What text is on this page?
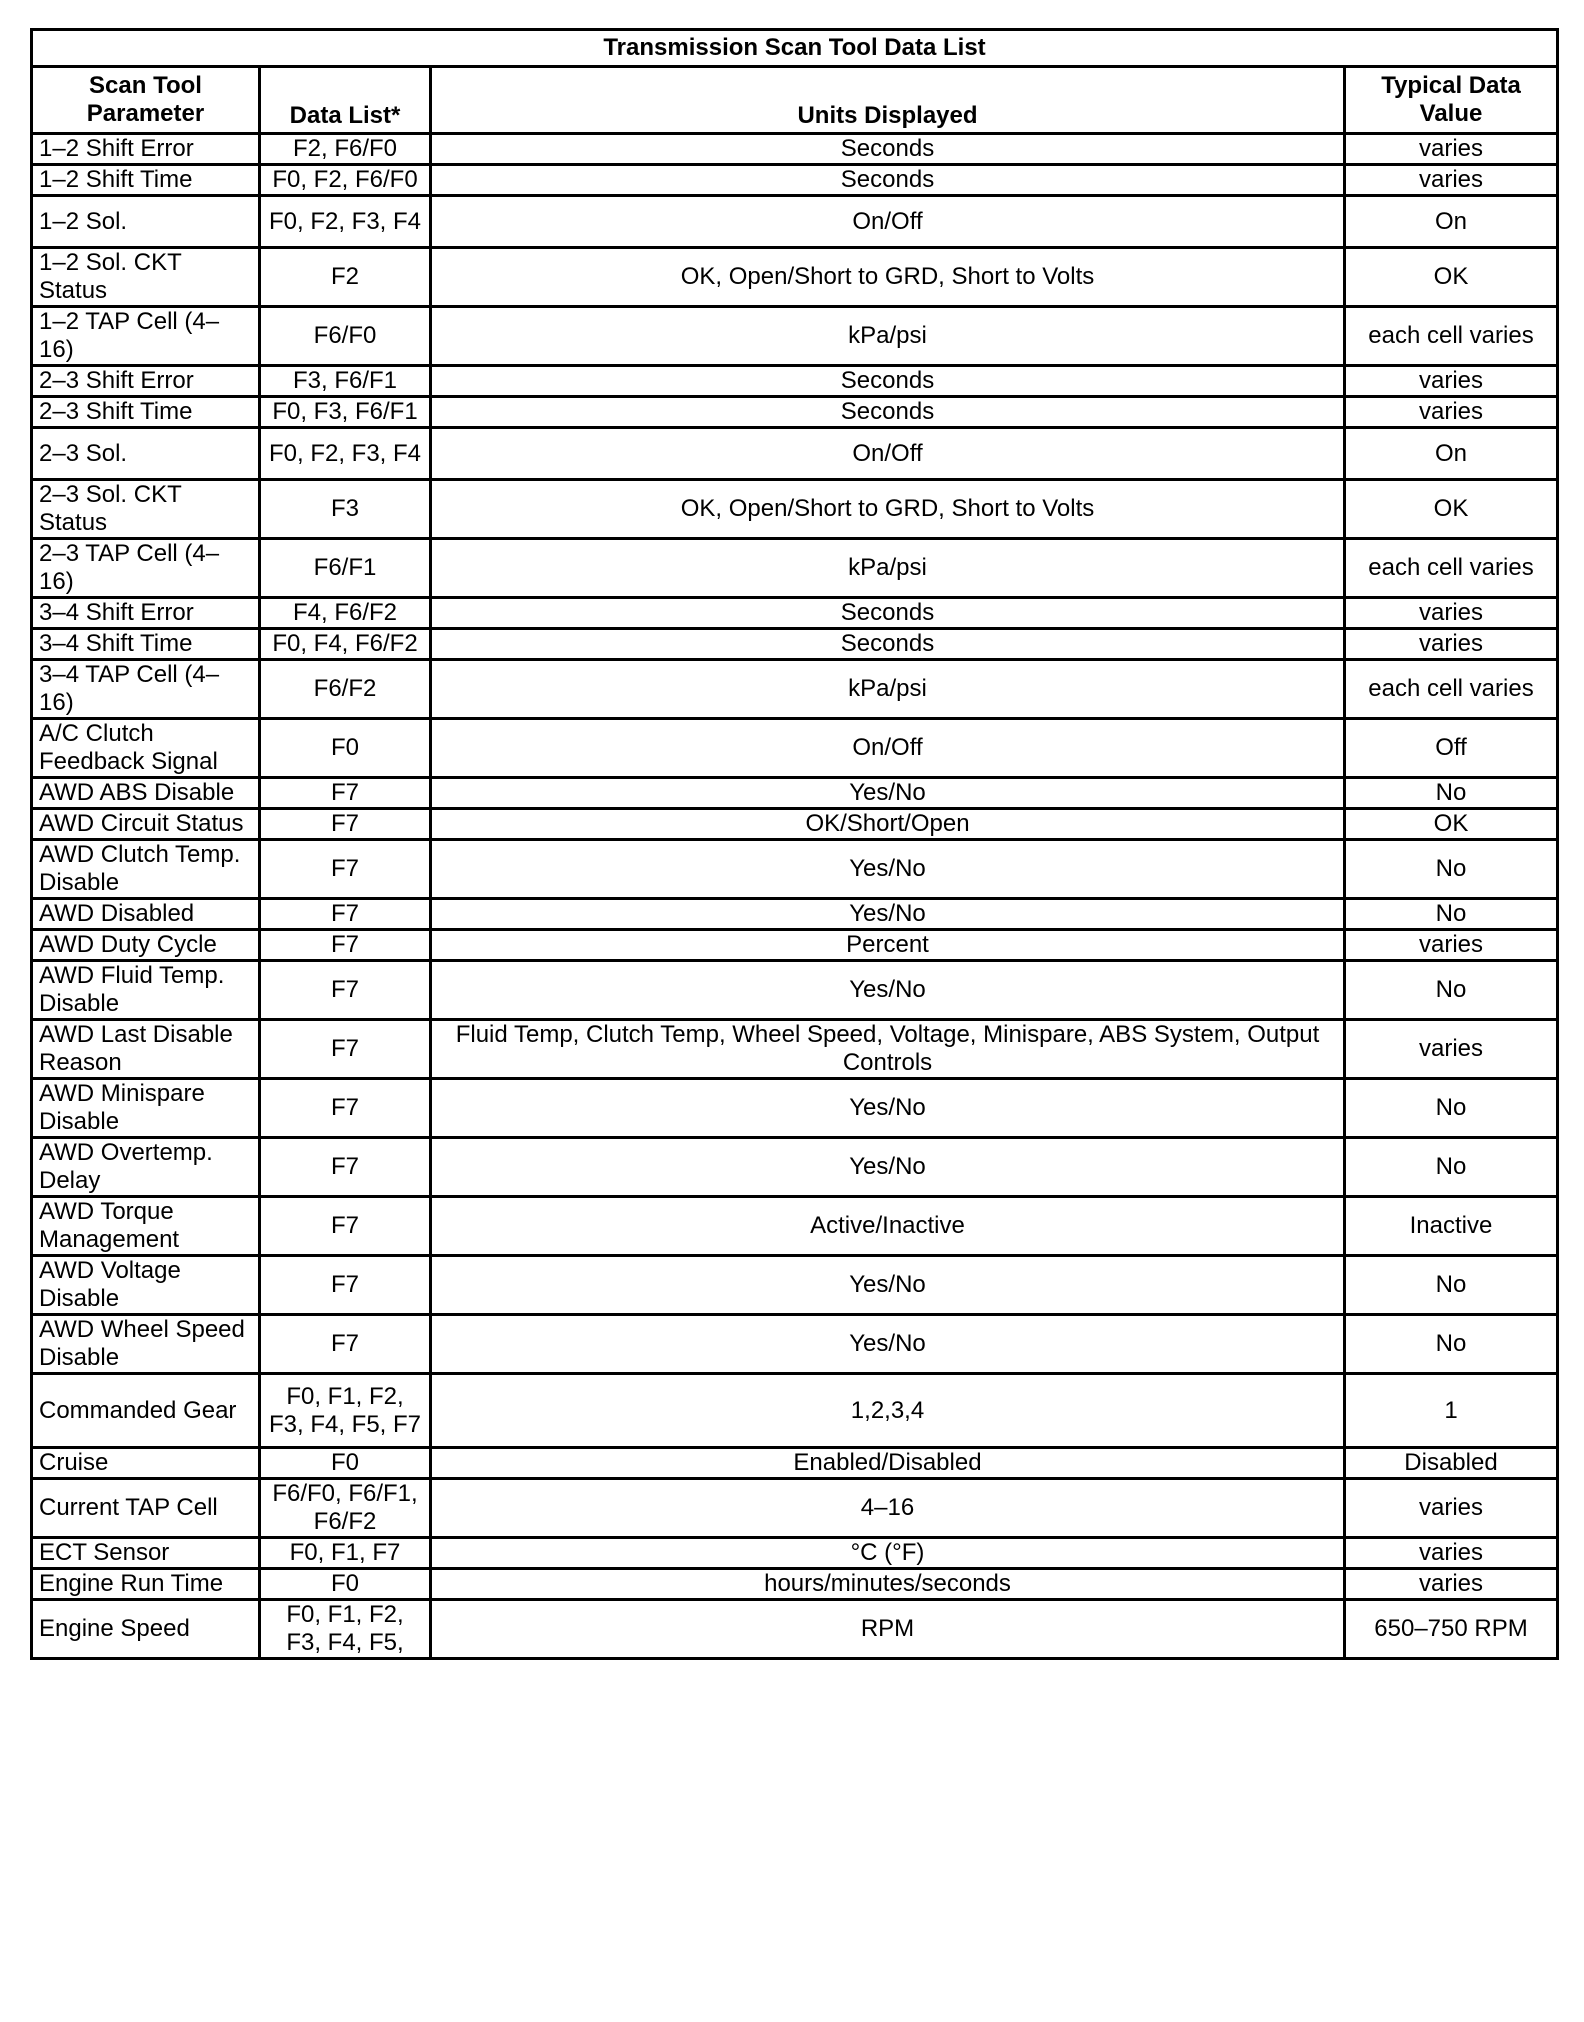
Transmission Scan Tool Data List			
Scan Tool Parameter	Data List*	Units Displayed	Typical Data Value
1–2 Shift Error	F2, F6/F0	Seconds	varies
1–2 Shift Time	F0, F2, F6/F0	Seconds	varies
1–2 Sol.	F0, F2, F3, F4	On/Off	On
1–2 Sol. CKT Status	F2	OK, Open/Short to GRD, Short to Volts	OK
1–2 TAP Cell (4–16)	F6/F0	kPa/psi	each cell varies
2–3 Shift Error	F3, F6/F1	Seconds	varies
2–3 Shift Time	F0, F3, F6/F1	Seconds	varies
2–3 Sol.	F0, F2, F3, F4	On/Off	On
2–3 Sol. CKT Status	F3	OK, Open/Short to GRD, Short to Volts	OK
2–3 TAP Cell (4–16)	F6/F1	kPa/psi	each cell varies
3–4 Shift Error	F4, F6/F2	Seconds	varies
3–4 Shift Time	F0, F4, F6/F2	Seconds	varies
3–4 TAP Cell (4–16)	F6/F2	kPa/psi	each cell varies
A/C Clutch Feedback Signal	F0	On/Off	Off
AWD ABS Disable	F7	Yes/No	No
AWD Circuit Status	F7	OK/Short/Open	OK
AWD Clutch Temp. Disable	F7	Yes/No	No
AWD Disabled	F7	Yes/No	No
AWD Duty Cycle	F7	Percent	varies
AWD Fluid Temp. Disable	F7	Yes/No	No
AWD Last Disable Reason	F7	Fluid Temp, Clutch Temp, Wheel Speed, Voltage, Minispare, ABS System, Output Controls	varies
AWD Minispare Disable	F7	Yes/No	No
AWD Overtemp. Delay	F7	Yes/No	No
AWD Torque Management	F7	Active/Inactive	Inactive
AWD Voltage Disable	F7	Yes/No	No
AWD Wheel Speed Disable	F7	Yes/No	No
Commanded Gear	F0, F1, F2, F3, F4, F5, F7	1,2,3,4	1
Cruise	F0	Enabled/Disabled	Disabled
Current TAP Cell	F6/F0, F6/F1, F6/F2	4–16	varies
ECT Sensor	F0, F1, F7	°C (°F)	varies
Engine Run Time	F0	hours/minutes/seconds	varies
Engine Speed	F0, F1, F2, F3, F4, F5,	RPM	650–750 RPM
